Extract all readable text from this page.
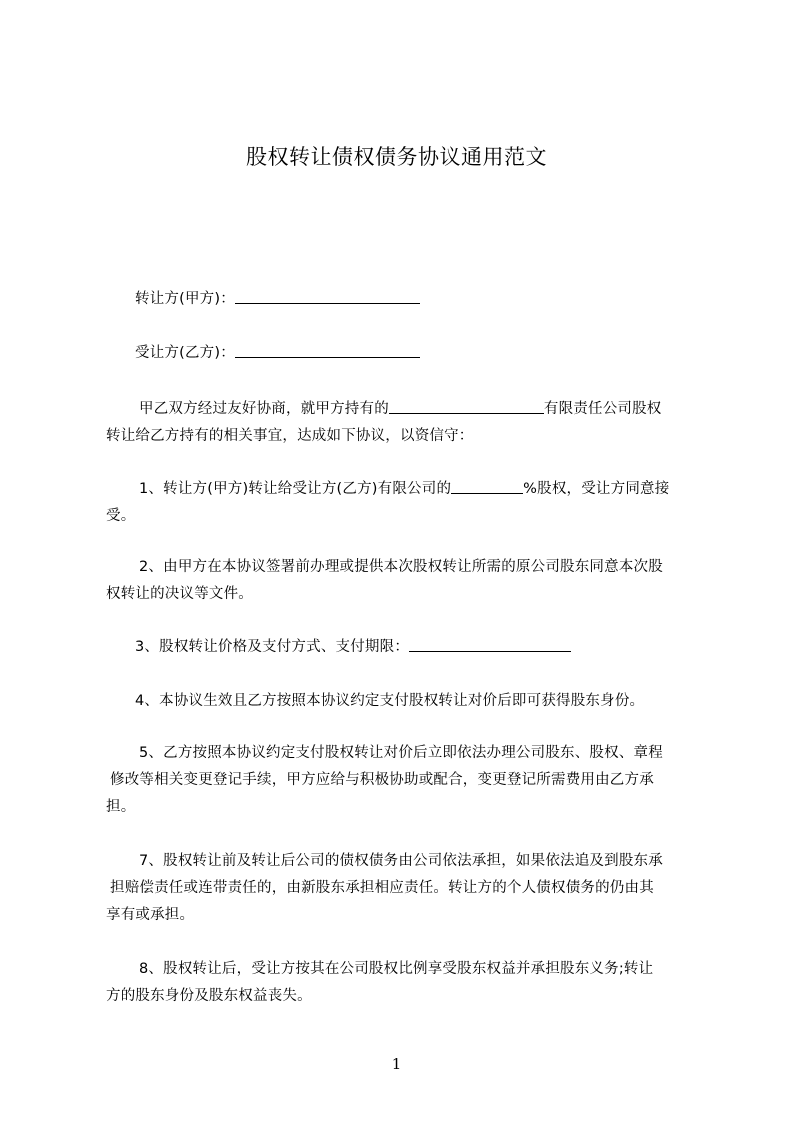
股权转让债权债务协议通用范文
转让方(甲方)：
受让方(乙方)：
甲乙双方经过友好协商，就甲方持有的	有限责任公司股权
转让给乙方持有的相关事宜，达成如下协议，以资信守：
1、转让方(甲方)转让给受让方(乙方)有限公司的	%股权，受让方同意接
受。
2、由甲方在本协议签署前办理或提供本次股权转让所需的原公司股东同意本次股
权转让的决议等文件。
3、股权转让价格及支付方式、支付期限：
4、本协议生效且乙方按照本协议约定支付股权转让对价后即可获得股东身份。
5、乙方按照本协议约定支付股权转让对价后立即依法办理公司股东、股权、章程
修改等相关变更登记手续，甲方应给与积极协助或配合，变更登记所需费用由乙方承
担。
7、股权转让前及转让后公司的债权债务由公司依法承担，如果依法追及到股东承
担赔偿责任或连带责任的，由新股东承担相应责任。转让方的个人债权债务的仍由其
享有或承担。
8、股权转让后，受让方按其在公司股权比例享受股东权益并承担股东义务;转让
方的股东身份及股东权益丧失。
1
